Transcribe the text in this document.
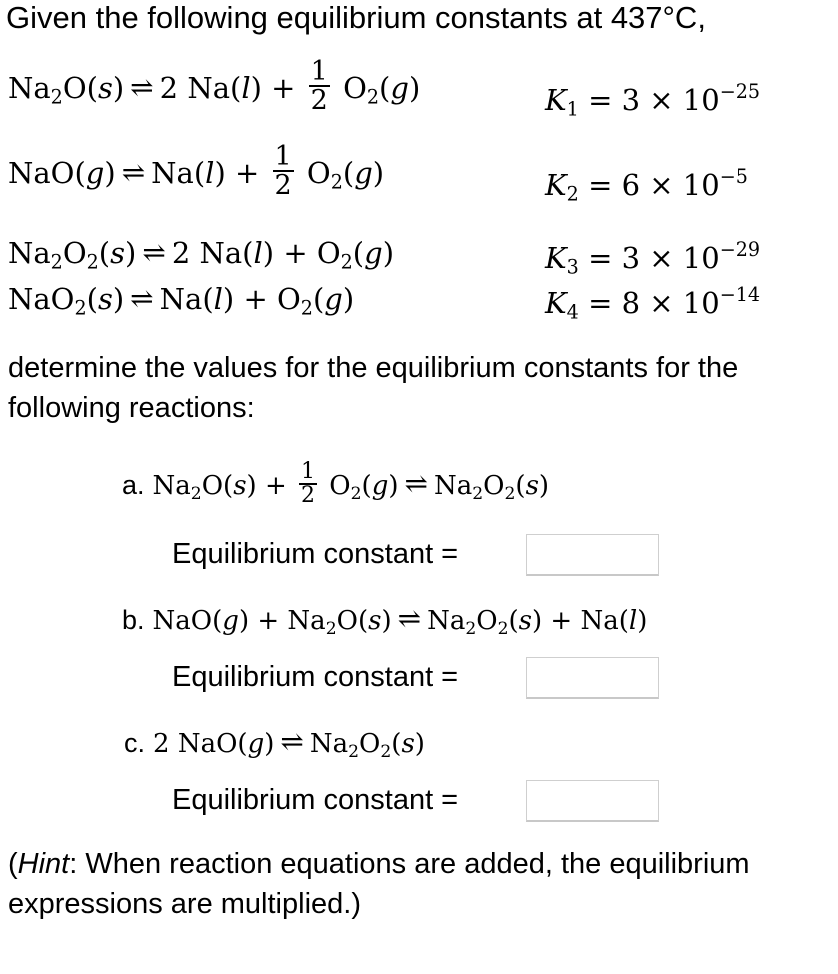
Given the following equilibrium constants at 437°C,
$Na_2O(s)$ ⇌ 2 $Na(l) + \frac{1}{2} O_2(g)$	$K_1 = 3 \times 10^{-25}$
NaO(g) ⇌ $Na(l) + \frac{1}{2} O_2(g)$	$K_2 = 6 \times 10^{-5}$
$Na_2O_2(s)$ ⇌ 2 $Na(l) + O_2(g)$	$K_3 = 3 \times 10^{-29}$
NaO$_2$(s) ⇌ $Na(l) + O_2(g)$	$K_4 = 8 \times 10^{-14}$
determine the values for the equilibrium constants for the following reactions:
a. $Na_2O(s) + \frac{1}{2} O_2(g)$ ⇌ $Na_2O_2(s)$
Equilibrium constant =
b. $NaO(g) + Na_2O(s)$ ⇌ $Na_2O_2(s) + Na(l)$
Equilibrium constant =
c. 2 NaO(g) ⇌ $Na_2O_2(s)$
Equilibrium constant =
(Hint: When reaction equations are added, the equilibrium expressions are multiplied.)
